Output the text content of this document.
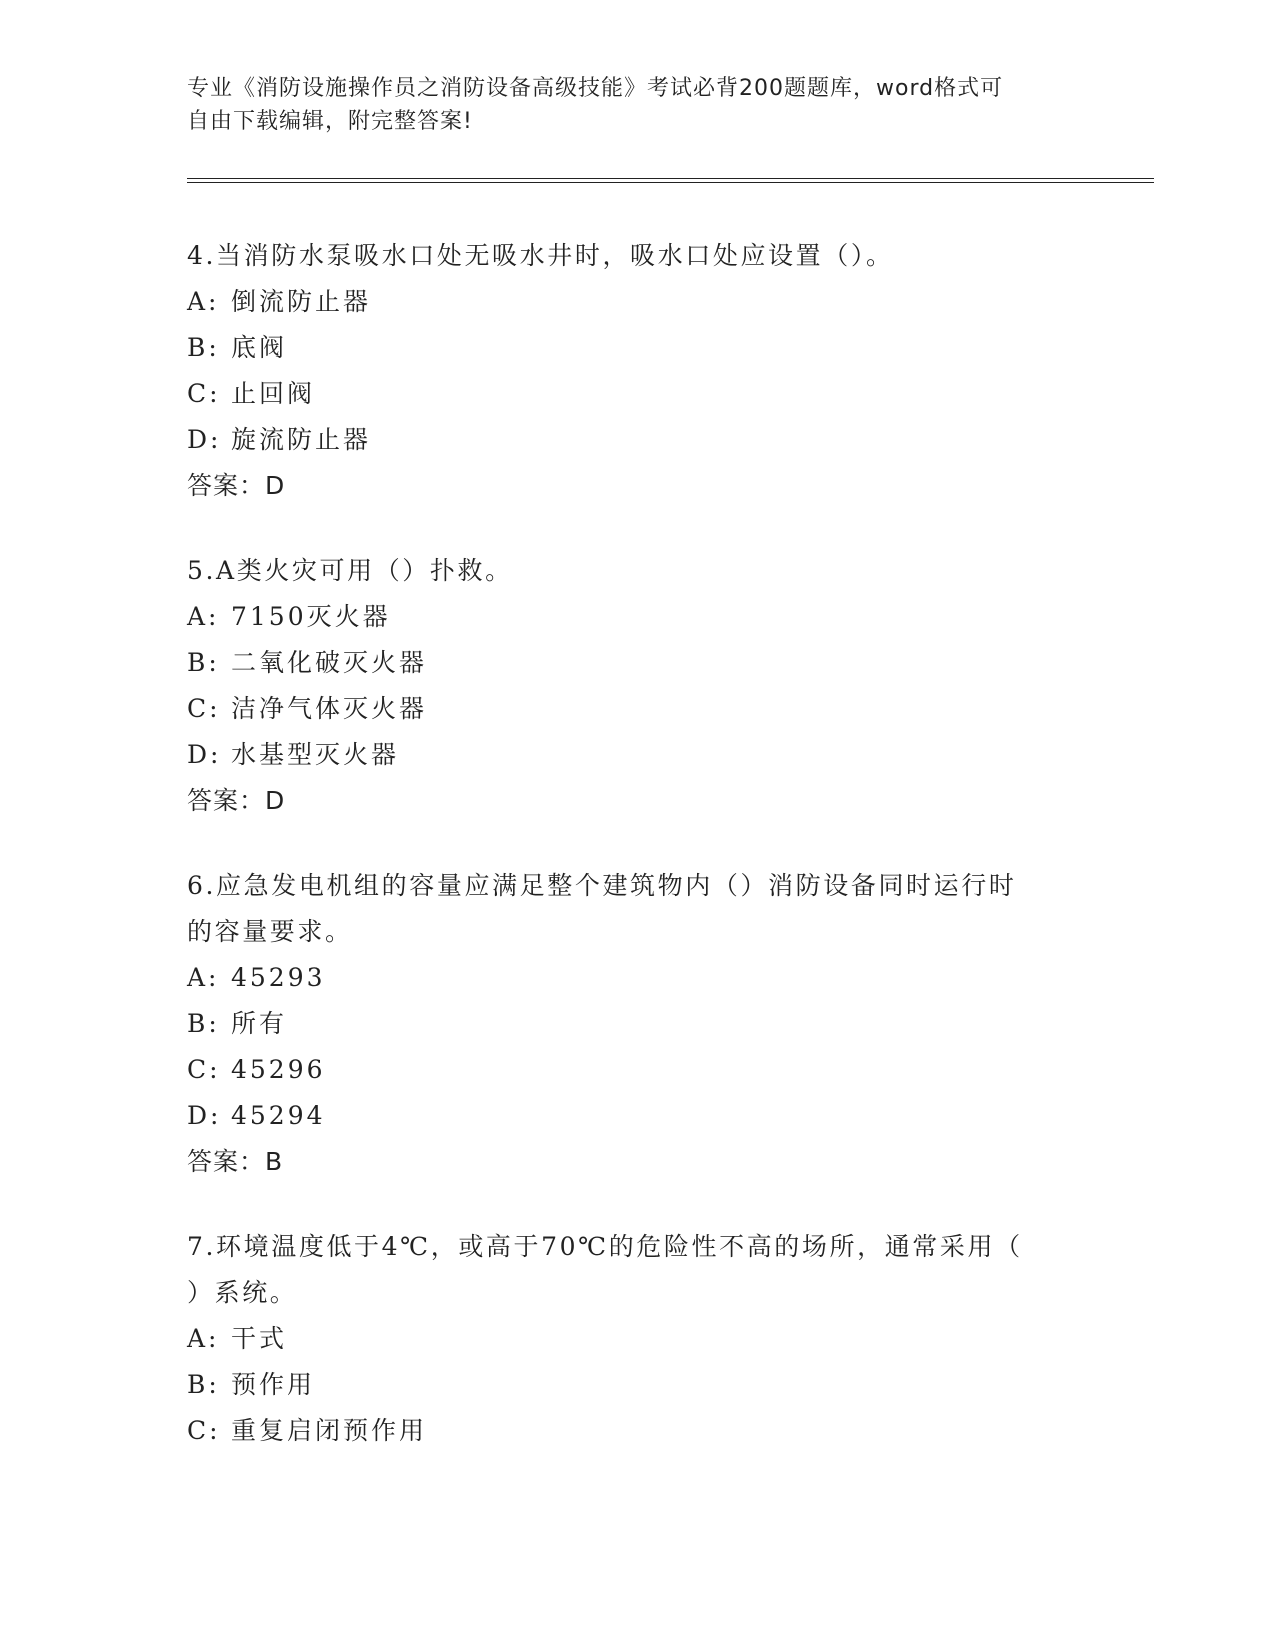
专业《消防设施操作员之消防设备高级技能》考试必背200题题库，word格式可
自由下载编辑，附完整答案!
4.当消防水泵吸水口处无吸水井时，吸水口处应设置（）。
A: 倒流防止器
B: 底阀
C: 止回阀
D: 旋流防止器
答案：D
5.A类火灾可用（）扑救。
A: 7150灭火器
B: 二氧化破灭火器
C: 洁净气体灭火器
D: 水基型灭火器
答案：D
6.应急发电机组的容量应满足整个建筑物内（）消防设备同时运行时
的容量要求。
A: 45293
B: 所有
C: 45296
D: 45294
答案：B
7.环境温度低于4℃，或高于70℃的危险性不高的场所，通常采用（
）系统。
A: 干式
B: 预作用
C: 重复启闭预作用
